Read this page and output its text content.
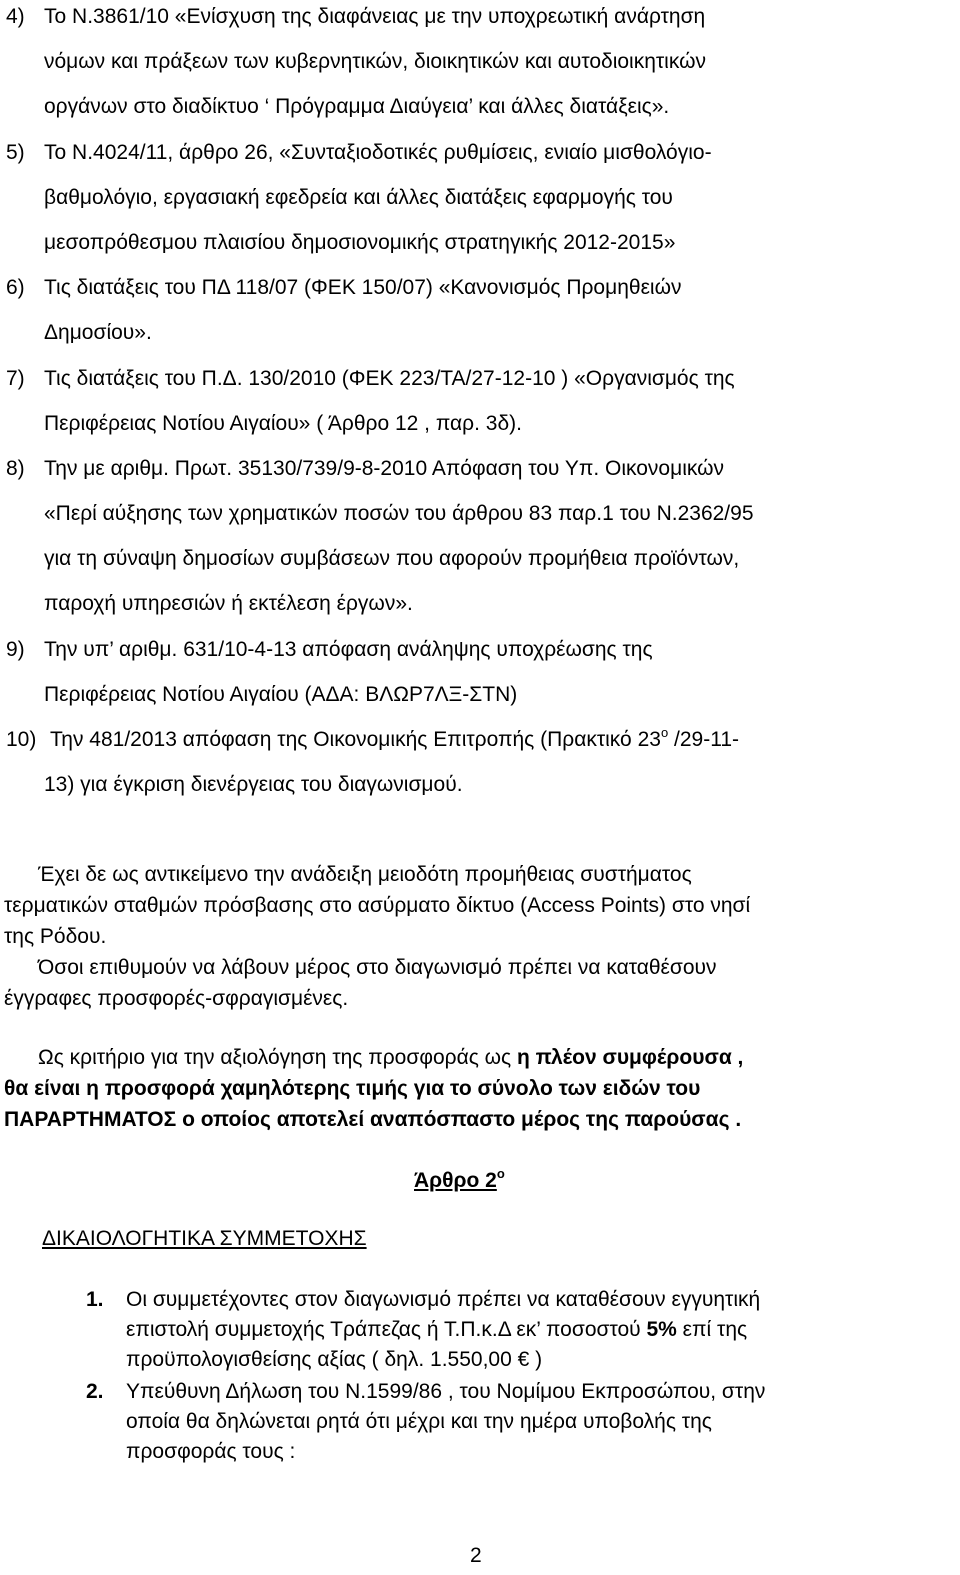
4) Το Ν.3861/10 «Ενίσχυση της διαφάνειας με την υποχρεωτική ανάρτηση
νόμων και πράξεων των κυβερνητικών, διοικητικών και αυτοδιοικητικών
οργάνων στο διαδίκτυο ‘ Πρόγραμμα Διαύγεια’ και άλλες διατάξεις».
5) Το Ν.4024/11, άρθρο 26, «Συνταξιοδοτικές ρυθμίσεις, ενιαίο μισθολόγιο-
βαθμολόγιο, εργασιακή εφεδρεία και άλλες διατάξεις εφαρμογής του
μεσοπρόθεσμου πλαισίου δημοσιονομικής στρατηγικής 2012-2015»
6) Τις διατάξεις του ΠΔ 118/07 (ΦΕΚ 150/07) «Κανονισμός Προμηθειών
Δημοσίου».
7) Τις διατάξεις του Π.Δ. 130/2010 (ΦΕΚ 223/ΤΑ/27-12-10 ) «Οργανισμός της
Περιφέρειας Νοτίου Αιγαίου» ( Άρθρο 12 , παρ. 3δ).
8) Την με αριθμ. Πρωτ. 35130/739/9-8-2010 Απόφαση του Υπ. Οικονομικών
«Περί αύξησης των χρηματικών ποσών του άρθρου 83 παρ.1 του Ν.2362/95
για τη σύναψη δημοσίων συμβάσεων που αφορούν προμήθεια προϊόντων,
παροχή υπηρεσιών ή εκτέλεση έργων».
9) Την υπ’ αριθμ. 631/10-4-13 απόφαση ανάληψης υποχρέωσης της
Περιφέρειας Νοτίου Αιγαίου (ΑΔΑ: ΒΛΩΡ7ΛΞ-ΣΤΝ)
10) Την 481/2013 απόφαση της Οικονομικής Επιτροπής (Πρακτικό $23^o$ /29-11-
13) για έγκριση διενέργειας του διαγωνισμού.
Έχει δε ως αντικείμενο την ανάδειξη μειοδότη προμήθειας συστήματος
τερματικών σταθμών πρόσβασης στο ασύρματο δίκτυο (Access Points) στο νησί
της Ρόδου.
Όσοι επιθυμούν να λάβουν μέρος στο διαγωνισμό πρέπει να καταθέσουν
έγγραφες προσφορές-σφραγισμένες.
Ως κριτήριο για την αξιολόγηση της προσφοράς ως η πλέον συμφέρουσα ,
θα είναι η προσφορά χαμηλότερης τιμής για το σύνολο των ειδών του
ΠΑΡΑΡΤΗΜΑΤΟΣ ο οποίος αποτελεί αναπόσπαστο μέρος της παρούσας .
Άρθρο $2^o$
ΔΙΚΑΙΟΛΟΓΗΤΙΚΑ ΣΥΜΜΕΤΟΧΗΣ
1. Οι συμμετέχοντες στον διαγωνισμό πρέπει να καταθέσουν εγγυητική
επιστολή συμμετοχής Τράπεζας ή Τ.Π.κ.Δ εκ’ ποσοστού 5% επί της
προϋπολογισθείσης αξίας ( δηλ. 1.550,00 € )
2. Υπεύθυνη Δήλωση του Ν.1599/86 , του Νομίμου Εκπροσώπου, στην
οποία θα δηλώνεται ρητά ότι μέχρι και την ημέρα υποβολής της
προσφοράς τους :
2
